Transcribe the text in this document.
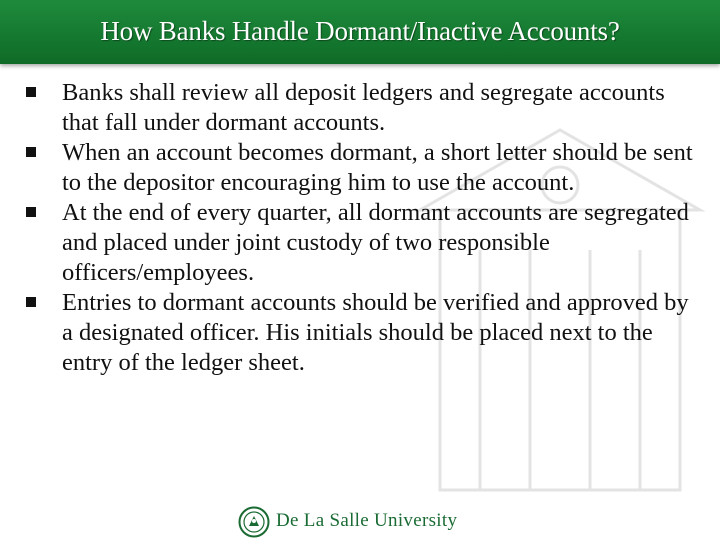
How Banks Handle Dormant/Inactive Accounts?
Banks shall review all deposit ledgers and segregate accounts that fall under dormant accounts.
When an account becomes dormant, a short letter should be sent to the depositor encouraging him to use the account.
At the end of every quarter, all dormant accounts are segregated and placed under joint custody of two responsible officers/employees.
Entries to dormant accounts should be verified and approved by a designated officer. His initials should be placed next to the entry of the ledger sheet.
De La Salle University
